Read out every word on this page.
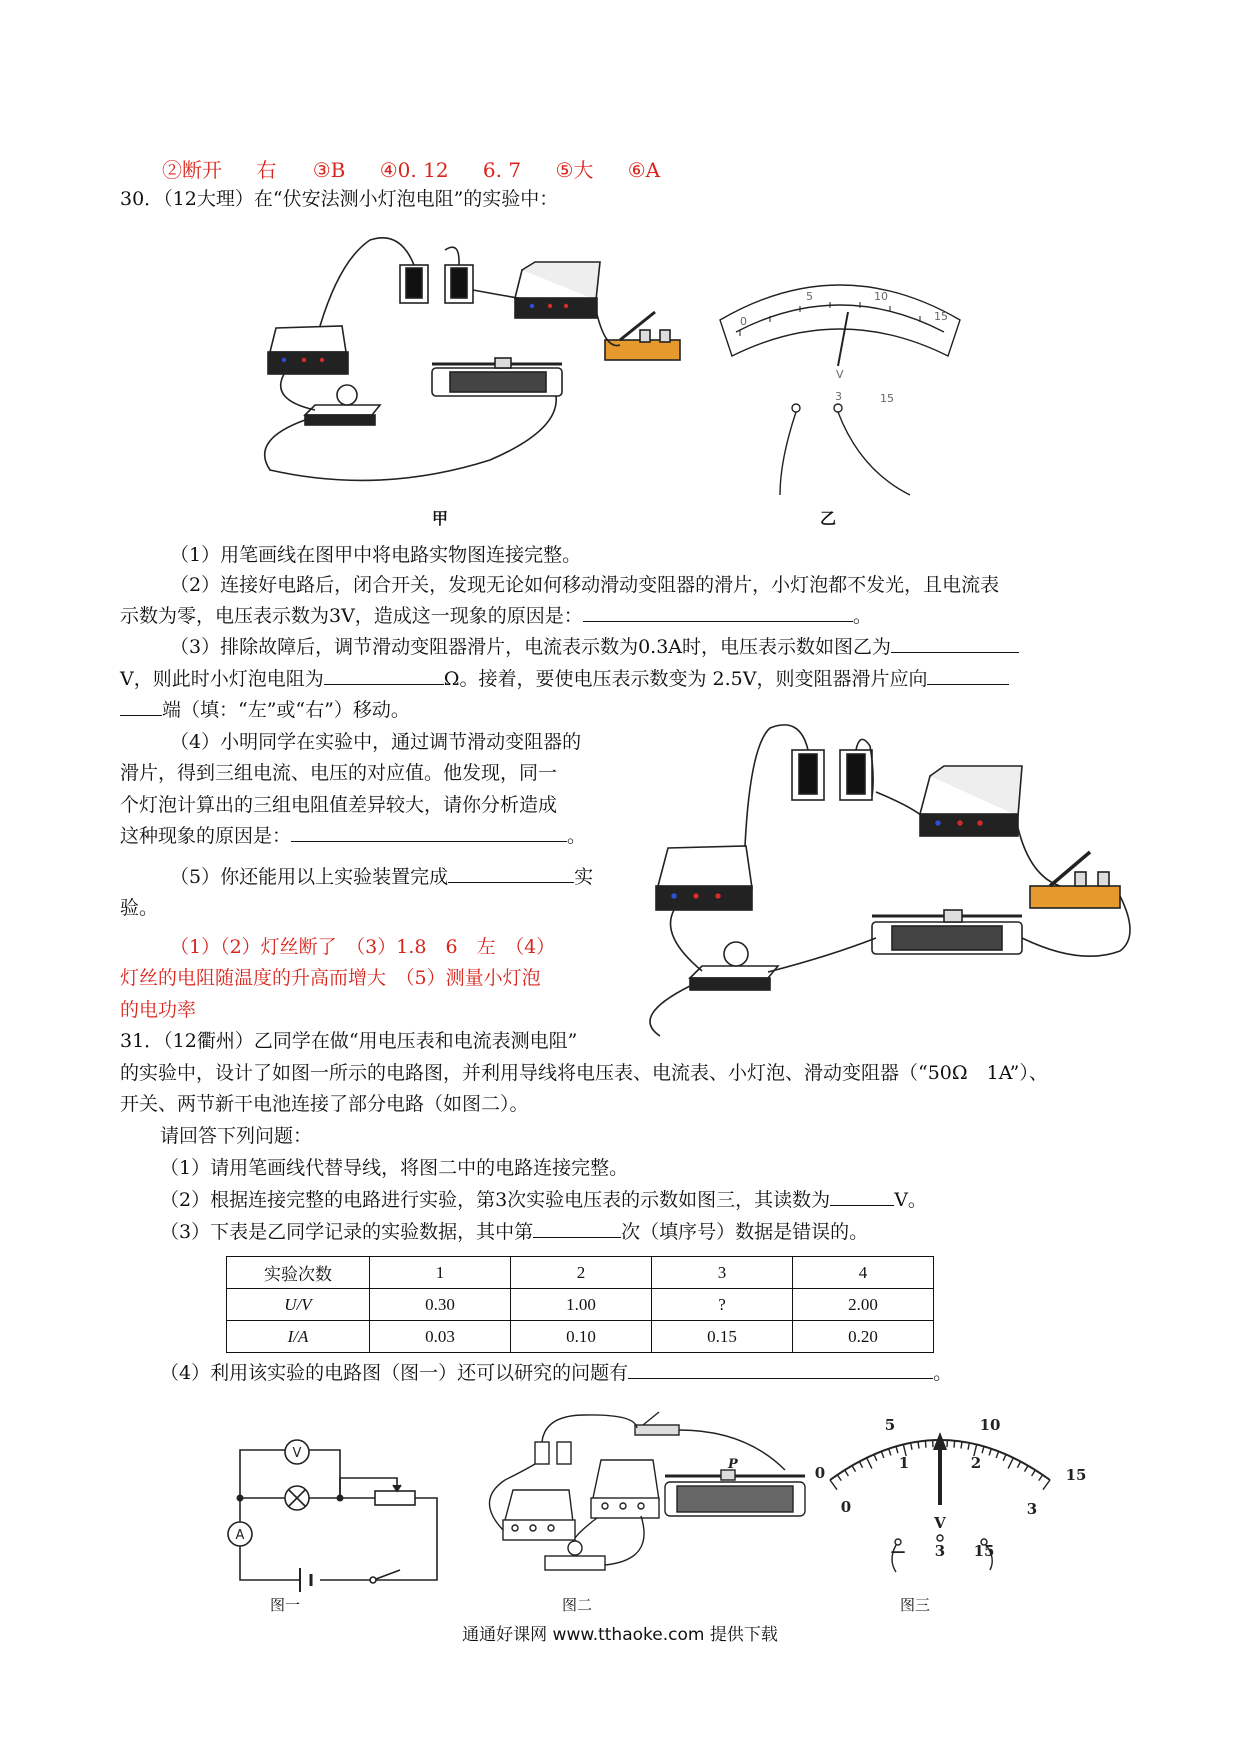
②断开 右 ③B ④0. 12 6. 7 ⑤大 ⑥A
30．（12大理）在“伏安法测小灯泡电阻”的实验中：
0
5	10
15
3	15
V
甲	乙
（1）用笔画线在图甲中将电路实物图连接完整。
（2）连接好电路后，闭合开关，发现无论如何移动滑动变阻器的滑片，小灯泡都不发光，且电流表
示数为零，电压表示数为3V，造成这一现象的原因是：	。
（3）排除故障后，调节滑动变阻器滑片，电流表示数为0.3A时，电压表示数如图乙为
V，则此时小灯泡电阻为	Ω。接着，要使电压表示数变为 2.5V，则变阻器滑片应向
端（填：“左”或“右”）移动。
（4）小明同学在实验中，通过调节滑动变阻器的
滑片，得到三组电流、电压的对应值。他发现，同一
个灯泡计算出的三组电阻值差异较大，请你分析造成
这种现象的原因是：	。
（5）你还能用以上实验装置完成	实
验。
（1）（2）灯丝断了　（3）1.8　6　左　（4）
灯丝的电阻随温度的升高而增大　（5）测量小灯泡
的电功率
31．（12衢州）乙同学在做“用电压表和电流表测电阻”
的实验中，设计了如图一所示的电路图，并利用导线将电压表、电流表、小灯泡、滑动变阻器（“50Ω　1A”）、
开关、两节新干电池连接了部分电路（如图二）。
请回答下列问题：
（1）请用笔画线代替导线，将图二中的电路连接完整。
（2）根据连接完整的电路进行实验，第3次实验电压表的示数如图三，其读数为	V。
（3）下表是乙同学记录的实验数据，其中第	次（填序号）数据是错误的。
实验次数	1	2	3	4
U/V	0.30	1.00	?	2.00
I/A	0.03	0.10	0.15	0.20
（4）利用该实验的电路图（图一）还可以研究的问题有	。
V
A
P	0
5	10
15
0
1	2
3
V
— 3 15
图一	图二	图三
通通好课网 www.tthaoke.com 提供下载
